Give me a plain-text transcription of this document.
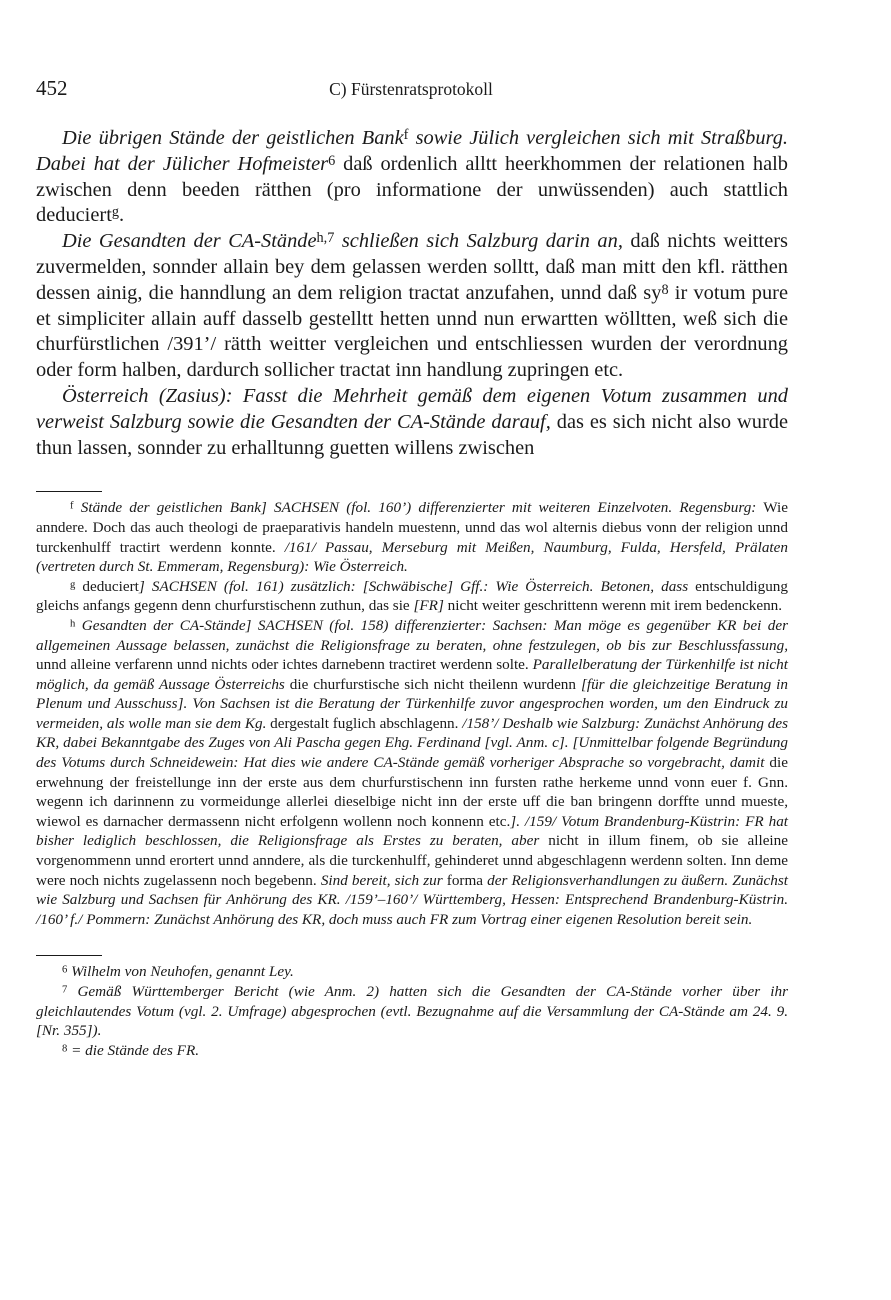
452	C) Fürstenratsprotokoll

Die übrigen Stände der geistlichen Bank$^f$ sowie Jülich vergleichen sich mit Straßburg. Dabei hat der Jülicher Hofmeister$^6$ daß ordenlich alltt heerkhommen der relationen halb zwischen denn beeden rätthen (pro informatione der unwüssenden) auch stattlich deduciert$^g$.

Die Gesandten der CA-Stände$^{h,7}$ schließen sich Salzburg darin an, daß nichts weitters zuvermelden, sonnder allain bey dem gelassen werden solltt, daß man mitt den kfl. rätthen dessen ainig, die hanndlung an dem religion tractat anzufahen, unnd daß $sy^8$ ir votum pure et simpliciter allain auff dasselb gestelltt hetten unnd nun erwartten wölltten, weß sich die churfürstlichen /391’/ rätth weitter vergleichen und entschliessen wurden der verordnung oder form halben, dardurch sollicher tractat inn handlung zupringen etc.

Österreich (Zasius): Fasst die Mehrheit gemäß dem eigenen Votum zusammen und verweist Salzburg sowie die Gesandten der CA-Stände darauf, das es sich nicht also wurde thun lassen, sonnder zu erhalltunng guetten willens zwischen

$^f$ Stände der geistlichen Bank] SACHSEN (fol. 160’) differenzierter mit weiteren Einzelvoten. Regensburg: Wie anndere. Doch das auch theologi de praeparativis handeln muestenn, unnd das wol alternis diebus vonn der religion unnd turckenhulff tractirt werdenn konnte. /161/ Passau, Merseburg mit Meißen, Naumburg, Fulda, Hersfeld, Prälaten (vertreten durch St. Emmeram, Regensburg): Wie Österreich.

$^g$ deduciert] SACHSEN (fol. 161) zusätzlich: [Schwäbische] Gff.: Wie Österreich. Betonen, dass entschuldigung gleichs anfangs gegenn denn churfurstischenn zuthun, das sie [FR] nicht weiter geschrittenn werenn mit irem bedenckenn.

$^h$ Gesandten der CA-Stände] SACHSEN (fol. 158) differenzierter: Sachsen: Man möge es gegenüber KR bei der allgemeinen Aussage belassen, zunächst die Religionsfrage zu beraten, ohne festzulegen, ob bis zur Beschlussfassung, unnd alleine verfarenn unnd nichts oder ichtes darnebenn tractiret werdenn solte. Parallelberatung der Türkenhilfe ist nicht möglich, da gemäß Aussage Österreichs die churfurstische sich nicht theilenn wurdenn [für die gleichzeitige Beratung in Plenum und Ausschuss]. Von Sachsen ist die Beratung der Türkenhilfe zuvor angesprochen worden, um den Eindruck zu vermeiden, als wolle man sie dem Kg. dergestalt fuglich abschlagenn. /158’/ Deshalb wie Salzburg: Zunächst Anhörung des KR, dabei Bekanntgabe des Zuges von Ali Pascha gegen Ehg. Ferdinand [vgl. Anm. c]. [Unmittelbar folgende Begründung des Votums durch Schneidewein: Hat dies wie andere CA-Stände gemäß vorheriger Absprache so vorgebracht, damit die erwehnung der freistellunge inn der erste aus dem churfurstischenn inn fursten rathe herkeme unnd vonn euer f. Gnn. wegenn ich darinnenn zu vormeidunge allerlei dieselbige nicht inn der erste uff die ban bringenn dorffte unnd mueste, wiewol es darnacher dermassenn nicht erfolgenn wollenn noch konnenn etc.]. /159/ Votum Brandenburg-Küstrin: FR hat bisher lediglich beschlossen, die Religionsfrage als Erstes zu beraten, aber nicht in illum finem, ob sie alleine vorgenommenn unnd erortert unnd anndere, als die turckenhulff, gehinderet unnd abgeschlagenn werdenn solten. Inn deme were noch nichts zugelassenn noch begebenn. Sind bereit, sich zur forma der Religionsverhandlungen zu äußern. Zunächst wie Salzburg und Sachsen für Anhörung des KR. /159’–160’/ Württemberg, Hessen: Entsprechend Brandenburg-Küstrin. /160’ f./ Pommern: Zunächst Anhörung des KR, doch muss auch FR zum Vortrag einer eigenen Resolution bereit sein.

$^6$ Wilhelm von Neuhofen, genannt Ley.

$^7$ Gemäß Württemberger Bericht (wie Anm. 2) hatten sich die Gesandten der CA-Stände vorher über ihr gleichlautendes Votum (vgl. 2. Umfrage) abgesprochen (evtl. Bezugnahme auf die Versammlung der CA-Stände am 24. 9. [Nr. 355]).

$^8$ = die Stände des FR.
